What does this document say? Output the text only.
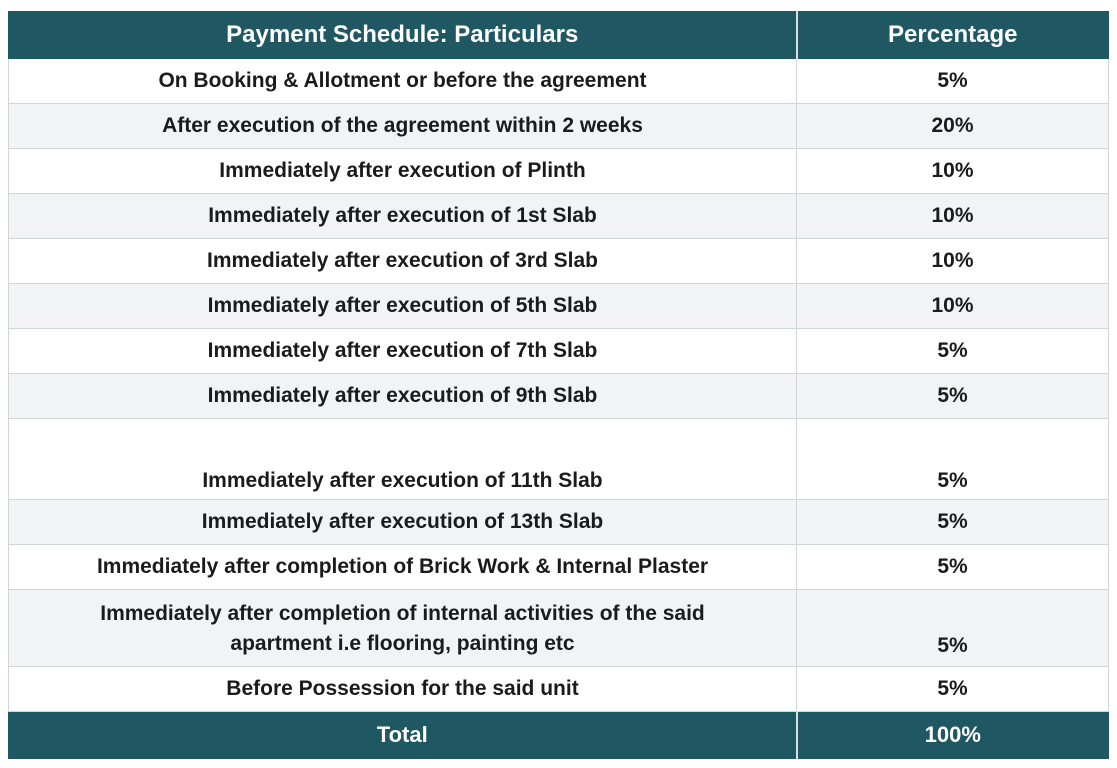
Payment Schedule: Particulars	Percentage
On Booking & Allotment or before the agreement	5%
After execution of the agreement within 2 weeks	20%
Immediately after execution of Plinth	10%
Immediately after execution of 1st Slab	10%
Immediately after execution of 3rd Slab	10%
Immediately after execution of 5th Slab	10%
Immediately after execution of 7th Slab	5%
Immediately after execution of 9th Slab	5%
Immediately after execution of 11th Slab	5%
Immediately after execution of 13th Slab	5%
Immediately after completion of Brick Work & Internal Plaster	5%

Immediately after completion of internal activities of the said
apartment i.e flooring, painting etc	5%
Before Possession for the said unit	5%
Total	100%
